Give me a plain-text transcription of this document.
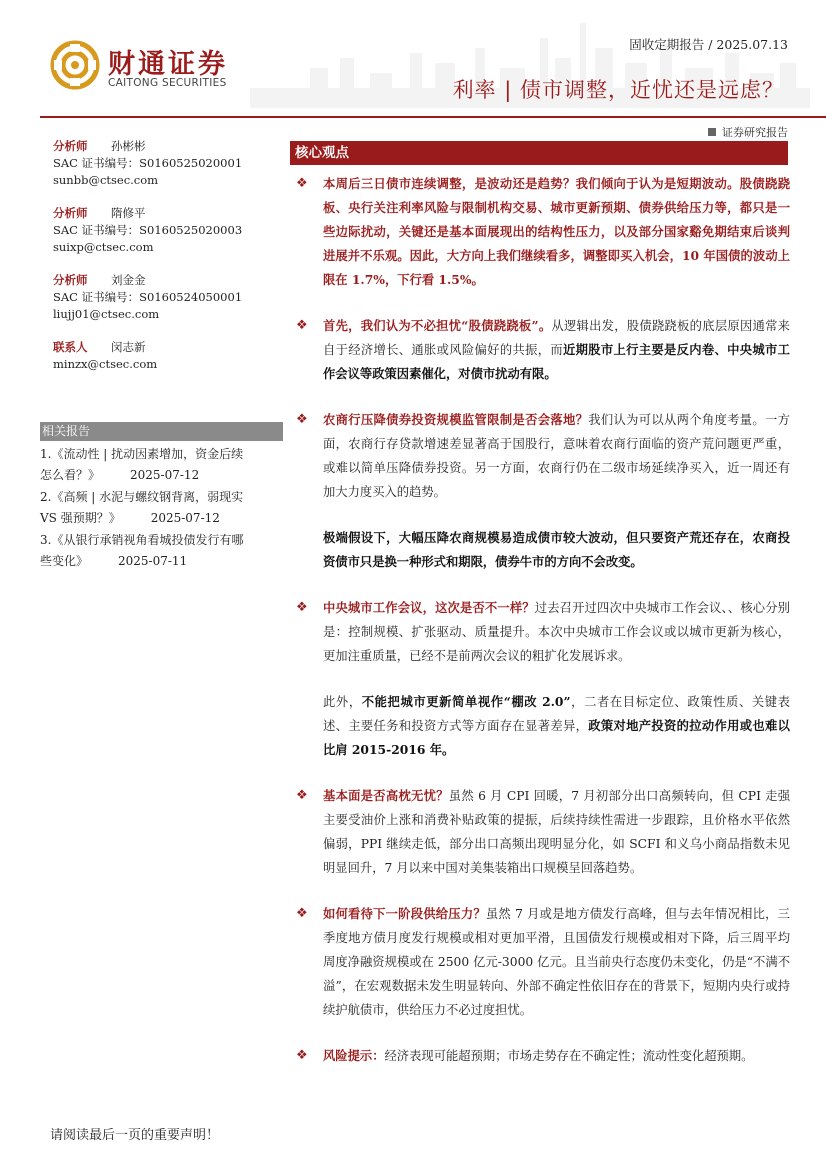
财通证券
CAITONG SECURITIES
固收定期报告 / 2025.07.13
利率 | 债市调整，近忧还是远虑？
证券研究报告
分析师 孙彬彬
SAC 证书编号：S0160525020001
sunbb@ctsec.com
分析师 隋修平
SAC 证书编号：S0160525020003
suixp@ctsec.com
分析师 刘金金
SAC 证书编号：S0160524050001
liujj01@ctsec.com
联系人 闵志新
minzx@ctsec.com
相关报告
1.《流动性 | 扰动因素增加，资金后续
怎么看？》	2025-07-12
2.《高频 | 水泥与螺纹钢背离，弱现实
VS 强预期？》	2025-07-12
3.《从银行承销视角看城投债发行有哪
些变化》	2025-07-11
核心观点
❖ 本周后三日债市连续调整，是波动还是趋势？我们倾向于认为是短期波动。股债跷跷板、央行关注利率风险与限制机构交易、城市更新预期、债券供给压力等，都只是一些边际扰动，关键还是基本面展现出的结构性压力，以及部分国家谿免期结束后谈判进展并不乐观。因此，大方向上我们继续看多，调整即买入机会，10 年国债的波动上限在 1.7%，下行看 1.5%。
❖ 首先，我们认为不必担忧“股债跷跷板”。从逻辑出发，股债跷跷板的底层原因通常来自于经济增长、通胀或风险偏好的共振，而近期股市上行主要是反内卷、中央城市工作会议等政策因素催化，对债市扰动有限。
❖ 农商行压降债券投资规模监管限制是否会落地？我们认为可以从两个角度考量。一方面，农商行存贷款增速差显著高于国股行，意味着农商行面临的资产荒问题更严重，或难以简单压降债券投资。另一方面，农商行仍在二级市场延续净买入，近一周还有加大力度买入的趋势。
极端假设下，大幅压降农商规模易造成债市较大波动，但只要资产荒还存在，农商投资债市只是换一种形式和期限，债券牛市的方向不会改变。
❖ 中央城市工作会议，这次是否不一样？过去召开过四次中央城市工作会议、、核心分别是：控制规模、扩张驱动、质量提升。本次中央城市工作会议或以城市更新为核心，更加注重质量，已经不是前两次会议的粗扩化发展诉求。
此外，不能把城市更新简单视作“棚改 2.0”，二者在目标定位、政策性质、关键表述、主要任务和投资方式等方面存在显著差异，政策对地产投资的拉动作用或也难以比肩 2015-2016 年。
❖ 基本面是否高枕无忧？虽然 6 月 CPI 回暖，7 月初部分出口高频转向，但 CPI 走强主要受油价上涨和消费补贴政策的提振，后续持续性需进一步跟踪，且价格水平依然偏弱，PPI 继续走低，部分出口高频出现明显分化，如 SCFI 和义乌小商品指数未见明显回升，7 月以来中国对美集装箱出口规模呈回落趋势。
❖ 如何看待下一阶段供给压力？虽然 7 月或是地方债发行高峰，但与去年情况相比，三季度地方债月度发行规模或相对更加平滑，且国债发行规模或相对下降，后三周平均周度净融资规模或在 2500 亿元-3000 亿元。且当前央行态度仍未变化，仍是“不满不溢”，在宏观数据未发生明显转向、外部不确定性依旧存在的背景下，短期内央行或持续护航债市，供给压力不必过度担忧。
❖ 风险提示：经济表现可能超预期；市场走势存在不确定性；流动性变化超预期。
请阅读最后一页的重要声明！
